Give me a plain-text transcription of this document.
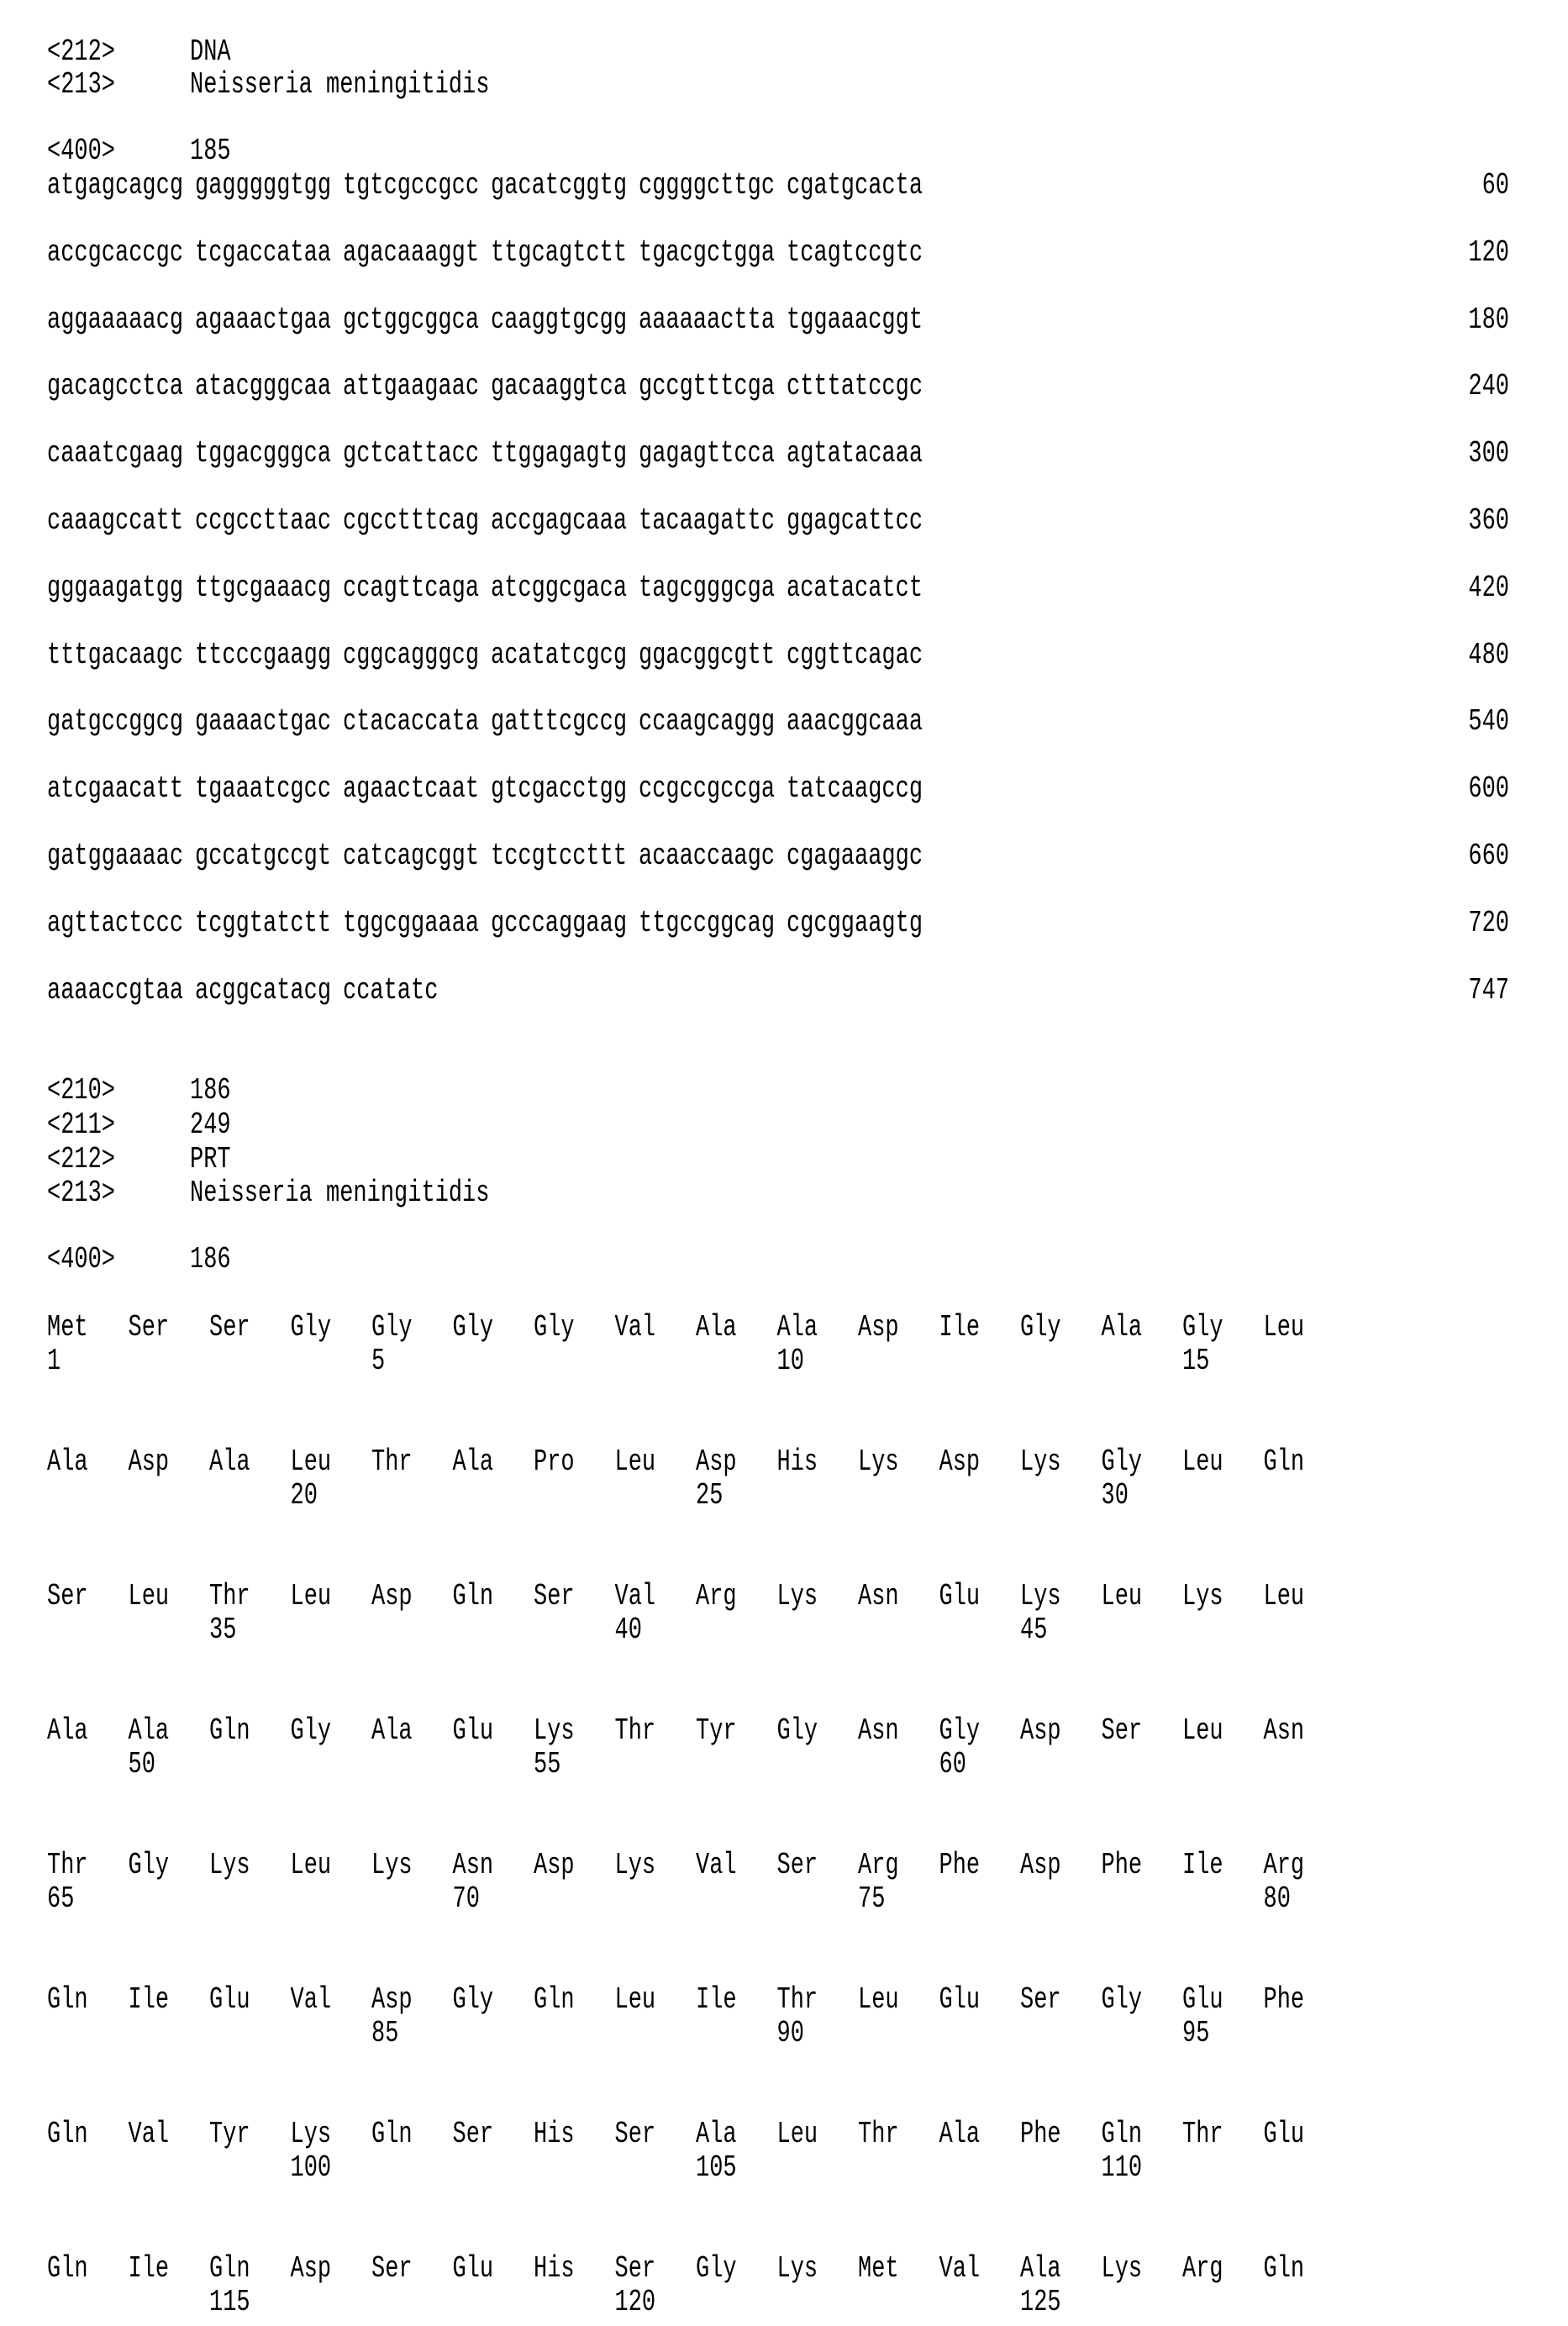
<212>	DNA
<213>	Neisseria meningitidis
<400>	185
atgagcagcg gagggggtgg tgtcgccgcc gacatcggtg cggggcttgc cgatgcacta	60
accgcaccgc tcgaccataa agacaaaggt ttgcagtctt tgacgctgga tcagtccgtc	120
aggaaaaacg agaaactgaa gctggcggca caaggtgcgg aaaaaactta tggaaacggt	180
gacagcctca atacgggcaa attgaagaac gacaaggtca gccgtttcga ctttatccgc	240
caaatcgaag tggacgggca gctcattacc ttggagagtg gagagttcca agtatacaaa	300
caaagccatt ccgccttaac cgcctttcag accgagcaaa tacaagattc ggagcattcc	360
gggaagatgg ttgcgaaacg ccagttcaga atcggcgaca tagcgggcga acatacatct	420
tttgacaagc ttcccgaagg cggcagggcg acatatcgcg ggacggcgtt cggttcagac	480
gatgccggcg gaaaactgac ctacaccata gatttcgccg ccaagcaggg aaacggcaaa	540
atcgaacatt tgaaatcgcc agaactcaat gtcgacctgg ccgccgccga tatcaagccg	600
gatggaaaac gccatgccgt catcagcggt tccgtccttt acaaccaagc cgagaaaggc	660
agttactccc tcggtatctt tggcggaaaa gcccaggaag ttgccggcag cgcggaagtg	720
aaaaccgtaa acggcatacg ccatatc	747
<210>	186
<211>	249
<212>	PRT
<213>	Neisseria meningitidis
<400>	186
Met Ser Ser Gly Gly Gly Gly Val Ala Ala Asp Ile Gly Ala Gly Leu
1	5	10	15
Ala Asp Ala Leu Thr Ala Pro Leu Asp His Lys Asp Lys Gly Leu Gln
20	25	30
Ser Leu Thr Leu Asp Gln Ser Val Arg Lys Asn Glu Lys Leu Lys Leu
35	40	45
Ala Ala Gln Gly Ala Glu Lys Thr Tyr Gly Asn Gly Asp Ser Leu Asn
50	55	60
Thr Gly Lys Leu Lys Asn Asp Lys Val Ser Arg Phe Asp Phe Ile Arg
65	70	75	80
Gln Ile Glu Val Asp Gly Gln Leu Ile Thr Leu Glu Ser Gly Glu Phe
85	90	95
Gln Val Tyr Lys Gln Ser His Ser Ala Leu Thr Ala Phe Gln Thr Glu
100	105	110
Gln Ile Gln Asp Ser Glu His Ser Gly Lys Met Val Ala Lys Arg Gln
115	120	125
